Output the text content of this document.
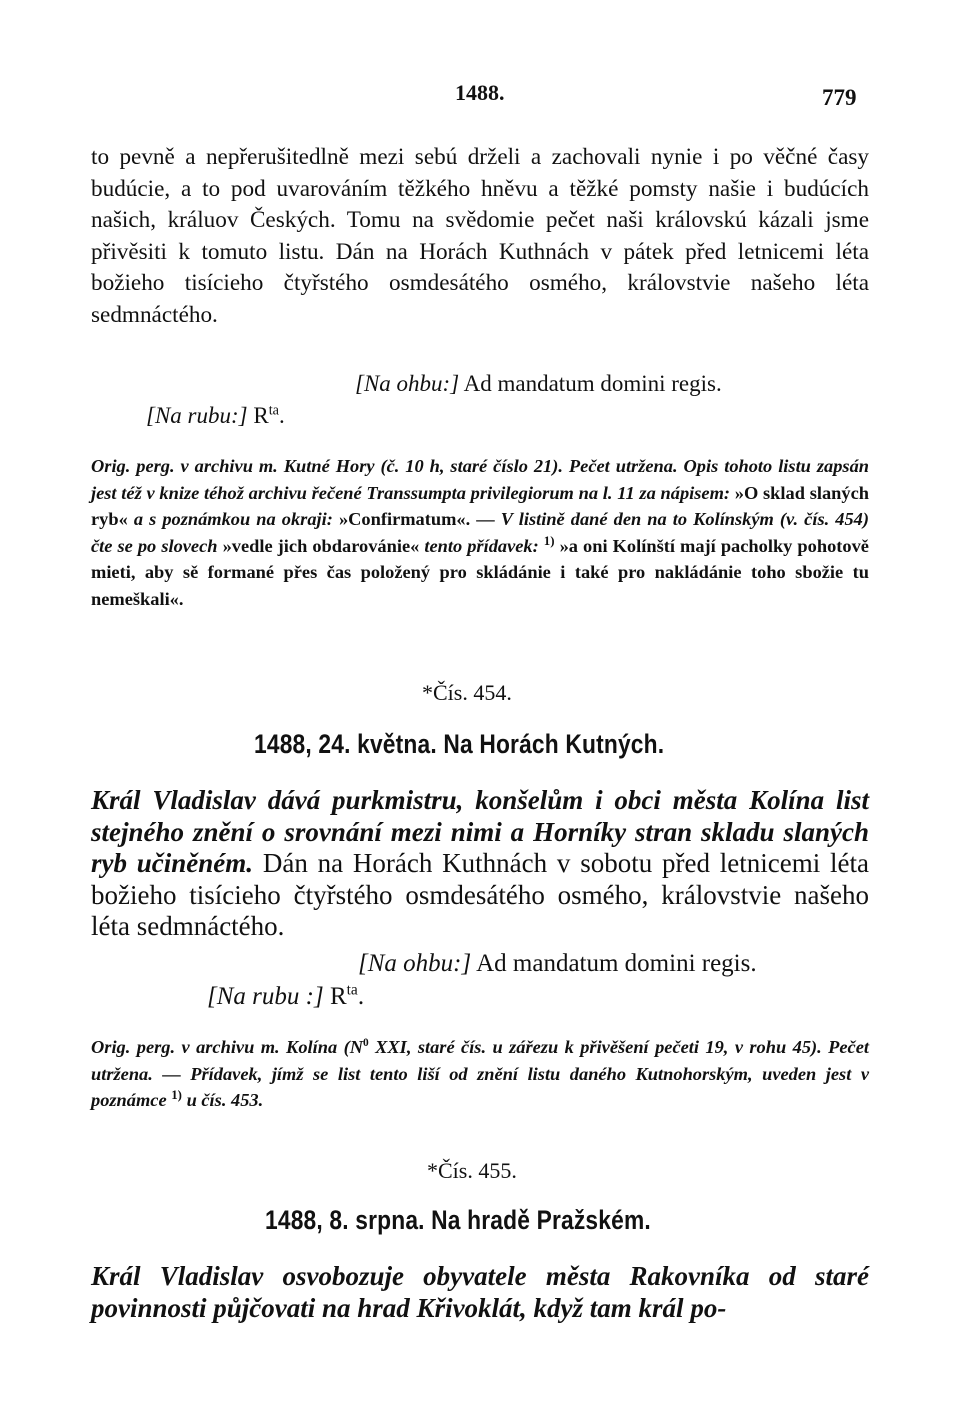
1488.	779
to pevně a nepřerušitedlně mezi sebú drželi a zachovali nynie i po věčné časy budúcie, a to pod uvarováním těžkého hněvu a těžké pomsty našie i budúcích našich, králuov Českých. Tomu na svědomie pečet naši královskú kázali jsme přivěsiti k tomuto listu. Dán na Horách Kuthnách v pátek před letnicemi léta božieho tisícieho čtyřstého osmdesátého osmého, královstvie našeho léta sedmnáctého.
[Na ohbu:] Ad mandatum domini regis.
[Na rubu:] $R^{ta}$.
Orig. perg. v archivu m. Kutné Hory (č. 10 h, staré číslo 21). Pečet utržena. Opis tohoto listu zapsán jest též v knize téhož archivu řečené Transsumpta privilegiorum na l. 11 za nápisem: »O sklad slaných ryb« a s poznámkou na okraji: »Confirmatum«. — V listině dané den na to Kolínským (v. čís. 454) čte se po slovech »vedle jich obdarovánie« tento přídavek: $^{1)}$ »a oni Kolínští mají pacholky pohotově mieti, aby sě formané přes čas položený pro skládánie i také pro nakládánie toho sbožie tu nemeškali«.
*Čís. 454.
1488, 24. května. Na Horách Kutných.
Král Vladislav dává purkmistru, konšelům i obci města Kolína list stejného znění o srovnání mezi nimi a Horníky stran skladu slaných ryb učiněném. Dán na Horách Kuthnách v sobotu před letnicemi léta božieho tisícieho čtyřstého osmdesátého osmého, královstvie našeho léta sedmnáctého.
[Na ohbu:] Ad mandatum domini regis.
[Na rubu :] $R^{ta}$.
Orig. perg. v archivu m. Kolína ($N^0$ XXI, staré čís. u zářezu k přivěšení pečeti 19, v rohu 45). Pečet utržena. — Přídavek, jímž se list tento liší od znění listu daného Kutnohorským, uveden jest v poznámce $^{1)}$ u čís. 453.
*Čís. 455.
1488, 8. srpna. Na hradě Pražském.
Král Vladislav osvobozuje obyvatele města Rakovníka od staré povinnosti půjčovati na hrad Křivoklát, když tam král po-
